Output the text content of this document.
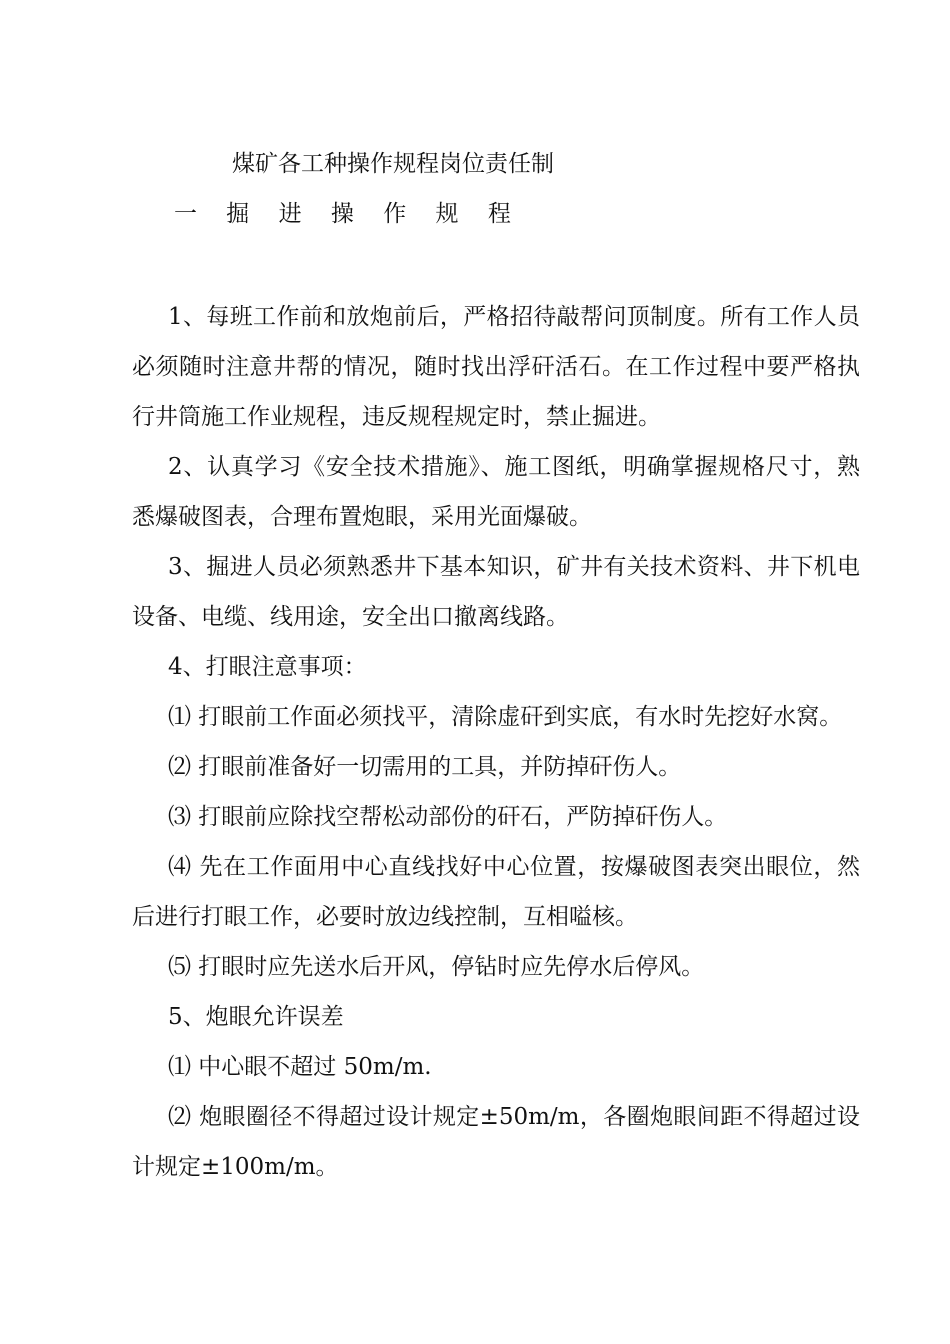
煤矿各工种操作规程岗位责任制
一 掘 进 操 作 规 程

1、每班工作前和放炮前后，严格招待敲帮问顶制度。所有工作人员必须随时注意井帮的情况，随时找出浮矸活石。在工作过程中要严格执行井筒施工作业规程，违反规程规定时，禁止掘进。

2、认真学习《安全技术措施》、施工图纸，明确掌握规格尺寸，熟悉爆破图表，合理布置炮眼，采用光面爆破。

3、掘进人员必须熟悉井下基本知识，矿井有关技术资料、井下机电设备、电缆、线用途，安全出口撤离线路。

4、打眼注意事项：

⑴ 打眼前工作面必须找平，清除虚矸到实底，有水时先挖好水窝。

⑵ 打眼前准备好一切需用的工具，并防掉矸伤人。

⑶ 打眼前应除找空帮松动部份的矸石，严防掉矸伤人。

⑷ 先在工作面用中心直线找好中心位置，按爆破图表突出眼位，然后进行打眼工作，必要时放边线控制，互相嗌核。

⑸ 打眼时应先送水后开风，停钻时应先停水后停风。

5、炮眼允许误差

⑴ 中心眼不超过 50m/m.

⑵ 炮眼圈径不得超过设计规定±50m/m，各圈炮眼间距不得超过设计规定±100m/m。
